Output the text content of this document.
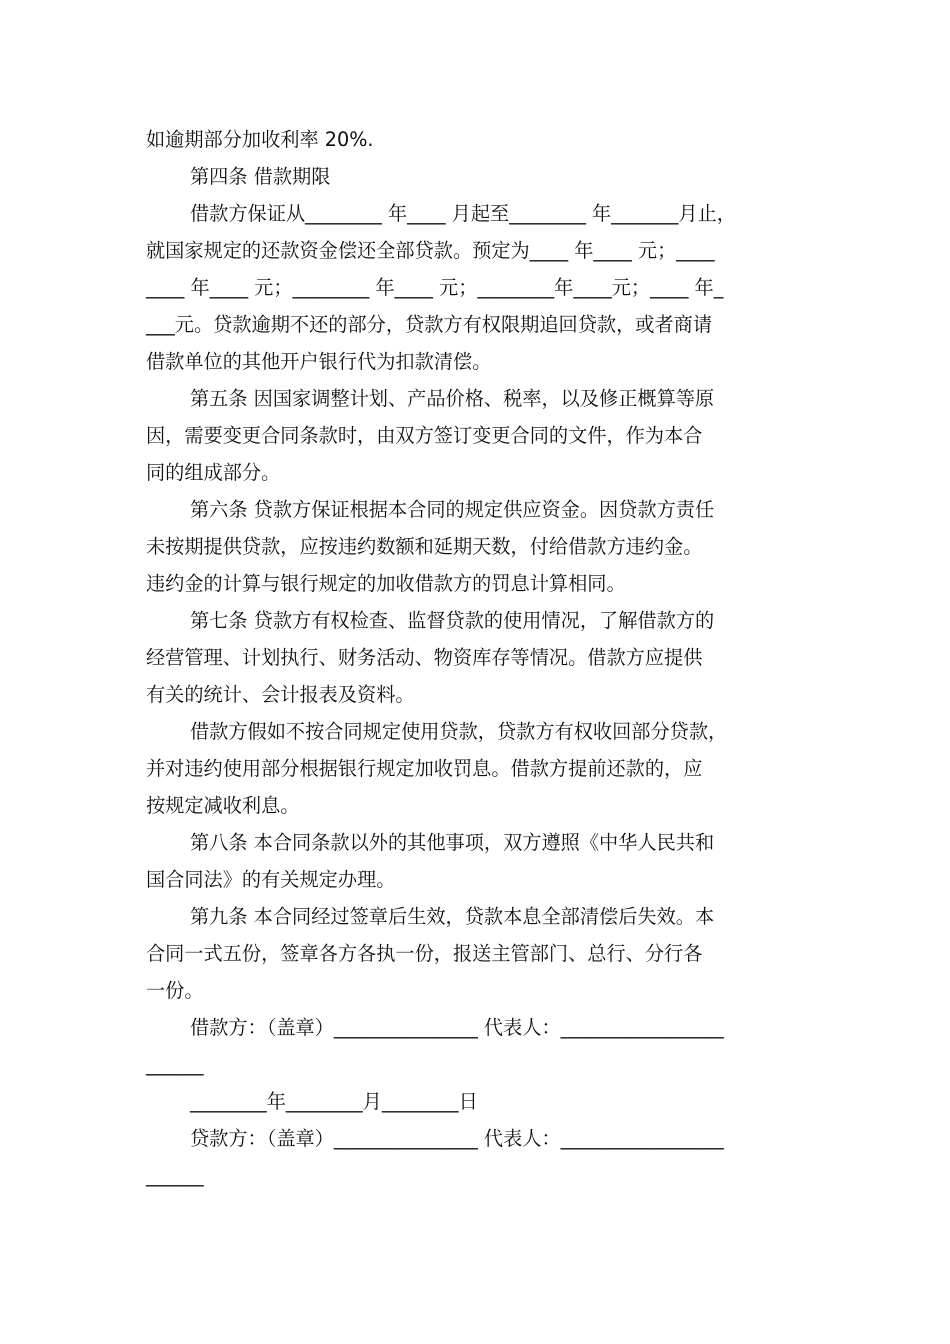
如逾期部分加收利率 20%.
第四条 借款期限
借款方保证从________ 年____ 月起至________ 年_______月止，
就国家规定的还款资金偿还全部贷款。预定为____ 年____ 元；____
____ 年____ 元；________ 年____ 元；________年____元；____ 年_
___元。贷款逾期不还的部分，贷款方有权限期追回贷款，或者商请
借款单位的其他开户银行代为扣款清偿。
第五条 因国家调整计划、产品价格、税率，以及修正概算等原
因，需要变更合同条款时，由双方签订变更合同的文件，作为本合
同的组成部分。
第六条 贷款方保证根据本合同的规定供应资金。因贷款方责任
未按期提供贷款，应按违约数额和延期天数，付给借款方违约金。
违约金的计算与银行规定的加收借款方的罚息计算相同。
第七条 贷款方有权检查、监督贷款的使用情况，了解借款方的
经营管理、计划执行、财务活动、物资库存等情况。借款方应提供
有关的统计、会计报表及资料。
借款方假如不按合同规定使用贷款，贷款方有权收回部分贷款，
并对违约使用部分根据银行规定加收罚息。借款方提前还款的，应
按规定减收利息。
第八条 本合同条款以外的其他事项，双方遵照《中华人民共和
国合同法》的有关规定办理。
第九条 本合同经过签章后生效，贷款本息全部清偿后失效。本
合同一式五份，签章各方各执一份，报送主管部门、总行、分行各
一份。
借款方：（盖章）_______________ 代表人：_________________
______
________年________月________日
贷款方：（盖章）_______________ 代表人：_________________
______
